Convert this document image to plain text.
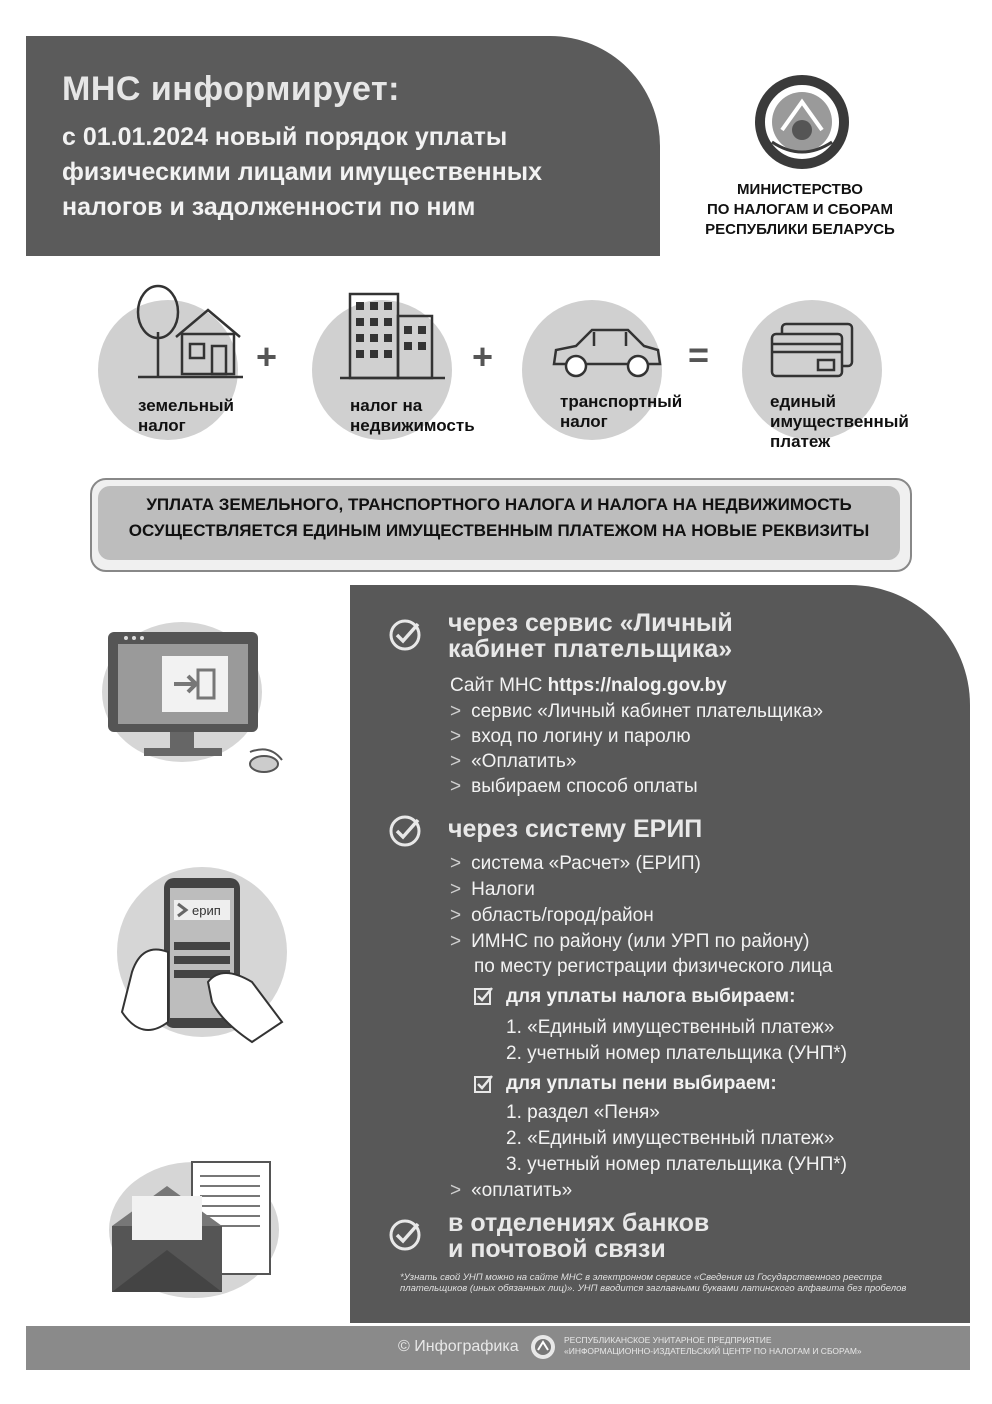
МНС информирует:
с 01.01.2024 новый порядок уплаты
физическими лицами имущественных
налогов и задолженности по ним
МИНИСТЕРСТВО
ПО НАЛОГАМ И СБОРАМ
РЕСПУБЛИКИ БЕЛАРУСЬ
земельный
налог
+
налог на
недвижимость
+
транспортный
налог
=
единый
имущественный
платеж
УПЛАТА ЗЕМЕЛЬНОГО, ТРАНСПОРТНОГО НАЛОГА И НАЛОГА НА НЕДВИЖИМОСТЬ
ОСУЩЕСТВЛЯЕТСЯ ЕДИНЫМ ИМУЩЕСТВЕННЫМ ПЛАТЕЖОМ НА НОВЫЕ РЕКВИЗИТЫ
ерип
через сервис «Личный
кабинет плательщика»
Сайт МНС https://nalog.gov.by
> сервис «Личный кабинет плательщика»
> вход по логину и паролю
> «Оплатить»
> выбираем способ оплаты
через систему ЕРИП
> система «Расчет» (ЕРИП)
> Налоги
> область/город/район
> ИМНС по району (или УРП по району)
по месту регистрации физического лица
для уплаты налога выбираем:
1. «Единый имущественный платеж»
2. учетный номер плательщика (УНП*)
для уплаты пени выбираем:
1. раздел «Пеня»
2. «Единый имущественный платеж»
3. учетный номер плательщика (УНП*)
> «оплатить»
в отделениях банков
и почтовой связи
*Узнать свой УНП можно на сайте МНС в электронном сервисе «Сведения из Государственного реестра плательщиков (иных обязанных лиц)». УНП вводится заглавными буквами латинского алфавита без пробелов
© Инфографика	РЕСПУБЛИКАНСКОЕ УНИТАРНОЕ ПРЕДПРИЯТИЕ
«ИНФОРМАЦИОННО-ИЗДАТЕЛЬСКИЙ ЦЕНТР ПО НАЛОГАМ И СБОРАМ»
